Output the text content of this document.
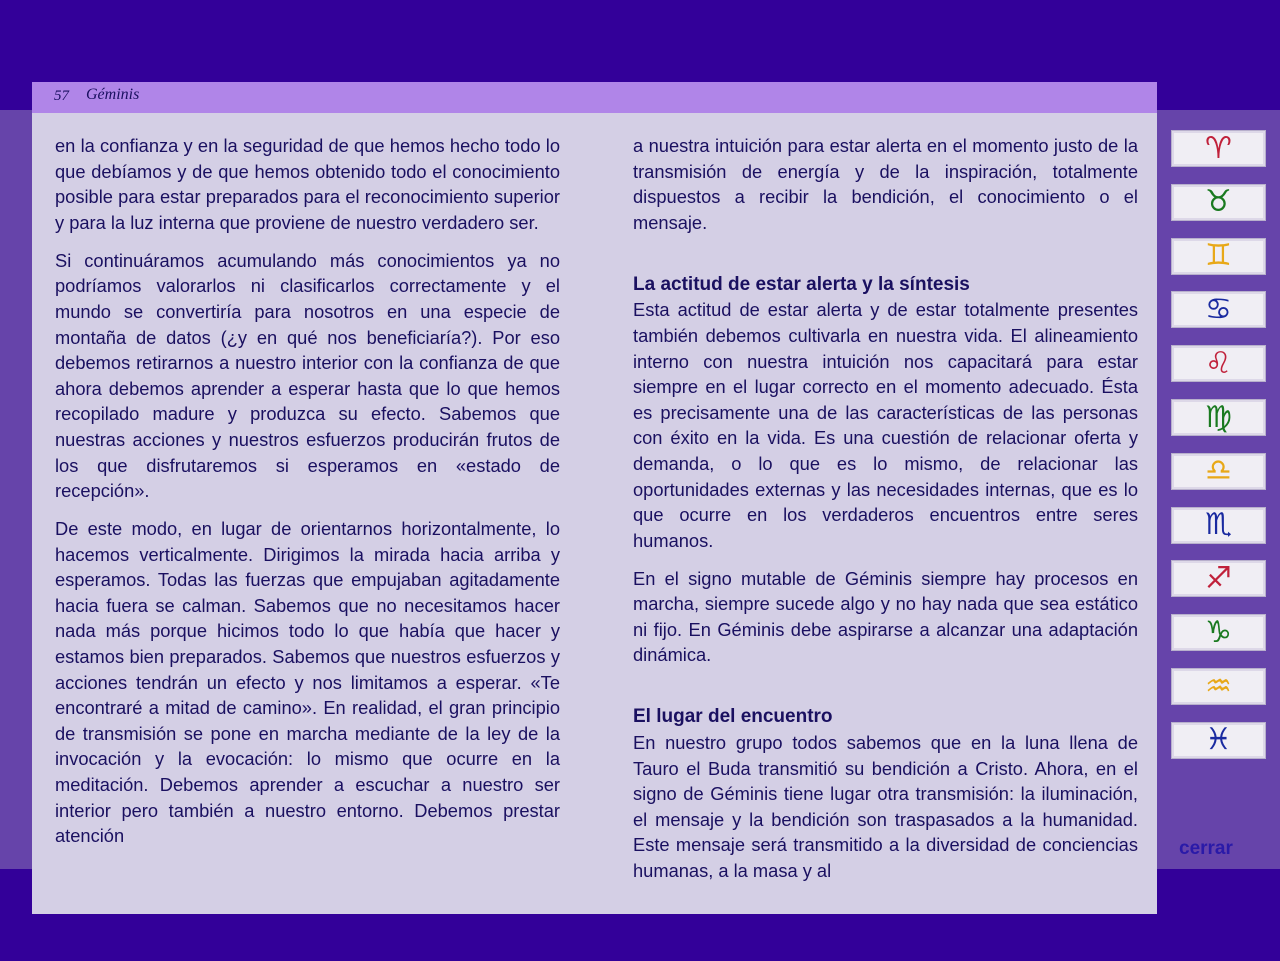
57 Géminis

en la confianza y en la seguridad de que hemos hecho todo lo que debíamos y de que hemos obtenido todo el conocimiento posible para estar preparados para el reconocimiento superior y para la luz interna que proviene de nuestro verdadero ser.

Si continuáramos acumulando más conocimientos ya no podríamos valorarlos ni clasificarlos correctamente y el mundo se convertiría para nosotros en una especie de montaña de datos (¿y en qué nos beneficiaría?). Por eso debemos retirarnos a nuestro interior con la confianza de que ahora debemos aprender a esperar hasta que lo que hemos recopilado madure y produzca su efecto. Sabemos que nuestras acciones y nuestros esfuerzos producirán frutos de los que disfrutaremos si esperamos en «estado de recepción».

De este modo, en lugar de orientarnos horizontalmente, lo hacemos verticalmente. Dirigimos la mirada hacia arriba y esperamos. Todas las fuerzas que empujaban agitadamente hacia fuera se calman. Sabemos que no necesitamos hacer nada más porque hicimos todo lo que había que hacer y estamos bien preparados. Sabemos que nuestros esfuerzos y acciones tendrán un efecto y nos limitamos a esperar. «Te encontraré a mitad de camino». En realidad, el gran principio de transmisión se pone en marcha mediante de la ley de la invocación y la evocación: lo mismo que ocurre en la meditación. Debemos aprender a escuchar a nuestro ser interior pero también a nuestro entorno. Debemos prestar atención

a nuestra intuición para estar alerta en el momento justo de la transmisión de energía y de la inspiración, totalmente dispuestos a recibir la bendición, el conocimiento o el mensaje.

La actitud de estar alerta y la síntesis

Esta actitud de estar alerta y de estar totalmente presentes también debemos cultivarla en nuestra vida. El alineamiento interno con nuestra intuición nos capacitará para estar siempre en el lugar correcto en el momento adecuado. Ésta es precisamente una de las características de las personas con éxito en la vida. Es una cuestión de relacionar oferta y demanda, o lo que es lo mismo, de relacionar las oportunidades externas y las necesidades internas, que es lo que ocurre en los verdaderos encuentros entre seres humanos.

En el signo mutable de Géminis siempre hay procesos en marcha, siempre sucede algo y no hay nada que sea estático ni fijo. En Géminis debe aspirarse a alcanzar una adaptación dinámica.

El lugar del encuentro

En nuestro grupo todos sabemos que en la luna llena de Tauro el Buda transmitió su bendición a Cristo. Ahora, en el signo de Géminis tiene lugar otra transmisión: la iluminación, el mensaje y la bendición son traspasados a la humanidad. Este mensaje será transmitido a la diversidad de conciencias humanas, a la masa y al

♈︎
♉︎
♊︎
♋︎
♌︎
♍︎
♎︎
♏︎
♐︎
♑︎
♒︎
♓︎
cerrar
